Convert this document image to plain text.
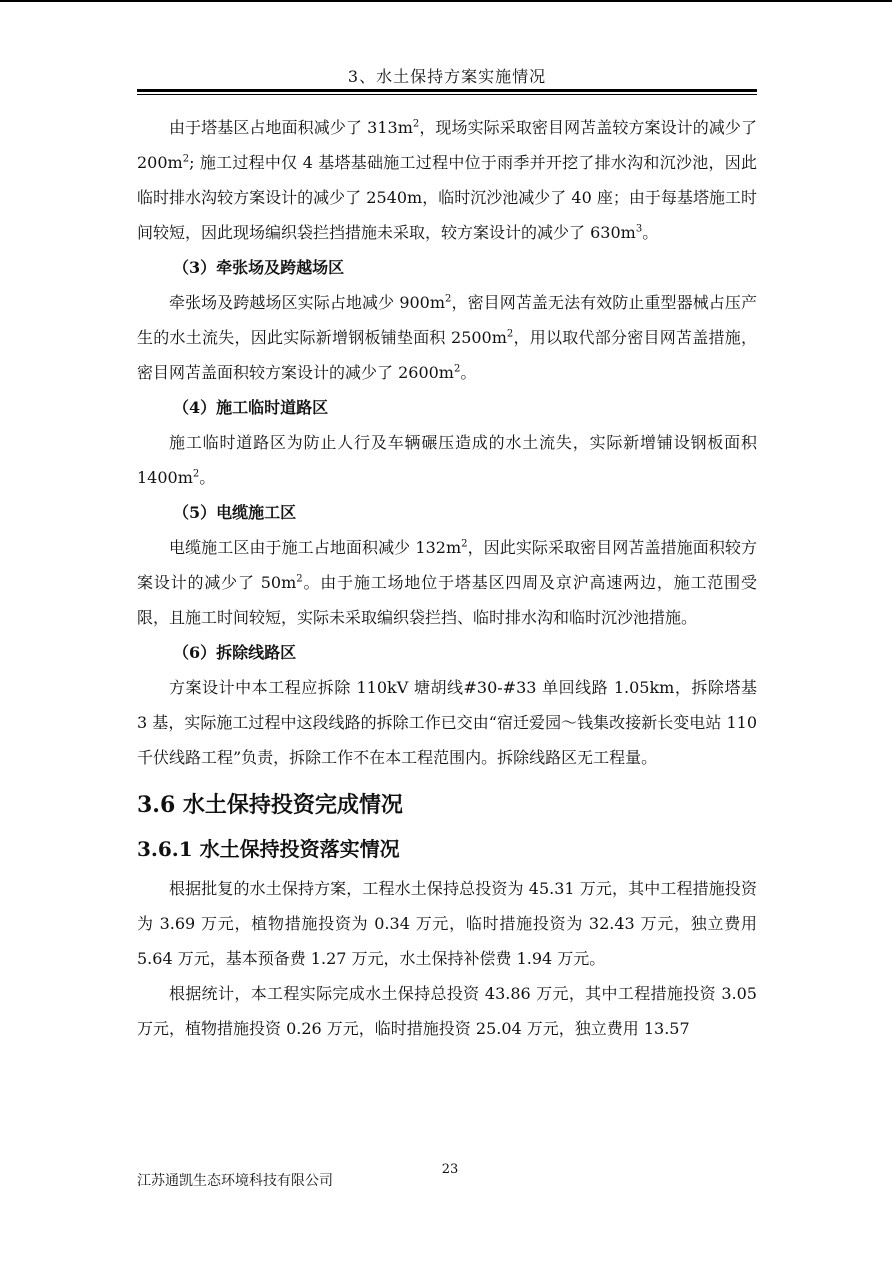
3、水土保持方案实施情况

由于塔基区占地面积减少了 $313m^2$，现场实际采取密目网苫盖较方案设计的减少了 $200m^2$; 施工过程中仅 4 基塔基础施工过程中位于雨季并开挖了排水沟和沉沙池，因此临时排水沟较方案设计的减少了 2540m，临时沉沙池减少了 40 座；由于每基塔施工时间较短，因此现场编织袋拦挡措施未采取，较方案设计的减少了 $630m^3$。

（3）牵张场及跨越场区

牵张场及跨越场区实际占地减少 $900m^2$，密目网苫盖无法有效防止重型器械占压产生的水土流失，因此实际新增钢板铺垫面积 $2500m^2$，用以取代部分密目网苫盖措施，密目网苫盖面积较方案设计的减少了 $2600m^2$。

（4）施工临时道路区

施工临时道路区为防止人行及车辆碾压造成的水土流失，实际新增铺设钢板面积 $1400m^2$。

（5）电缆施工区

电缆施工区由于施工占地面积减少 $132m^2$，因此实际采取密目网苫盖措施面积较方案设计的减少了 $50m^2$。由于施工场地位于塔基区四周及京沪高速两边，施工范围受限，且施工时间较短，实际未采取编织袋拦挡、临时排水沟和临时沉沙池措施。

（6）拆除线路区

方案设计中本工程应拆除 110kV 塘胡线#30-#33 单回线路 1.05km，拆除塔基 3 基，实际施工过程中这段线路的拆除工作已交由“宿迁爱园～钱集改接新长变电站 110 千伏线路工程”负责，拆除工作不在本工程范围内。拆除线路区无工程量。

3.6 水土保持投资完成情况
3.6.1 水土保持投资落实情况

根据批复的水土保持方案，工程水土保持总投资为 45.31 万元，其中工程措施投资为 3.69 万元，植物措施投资为 0.34 万元，临时措施投资为 32.43 万元，独立费用 5.64 万元，基本预备费 1.27 万元，水土保持补偿费 1.94 万元。

根据统计，本工程实际完成水土保持总投资 43.86 万元，其中工程措施投资 3.05 万元，植物措施投资 0.26 万元，临时措施投资 25.04 万元，独立费用 13.57

23
江苏通凯生态环境科技有限公司
